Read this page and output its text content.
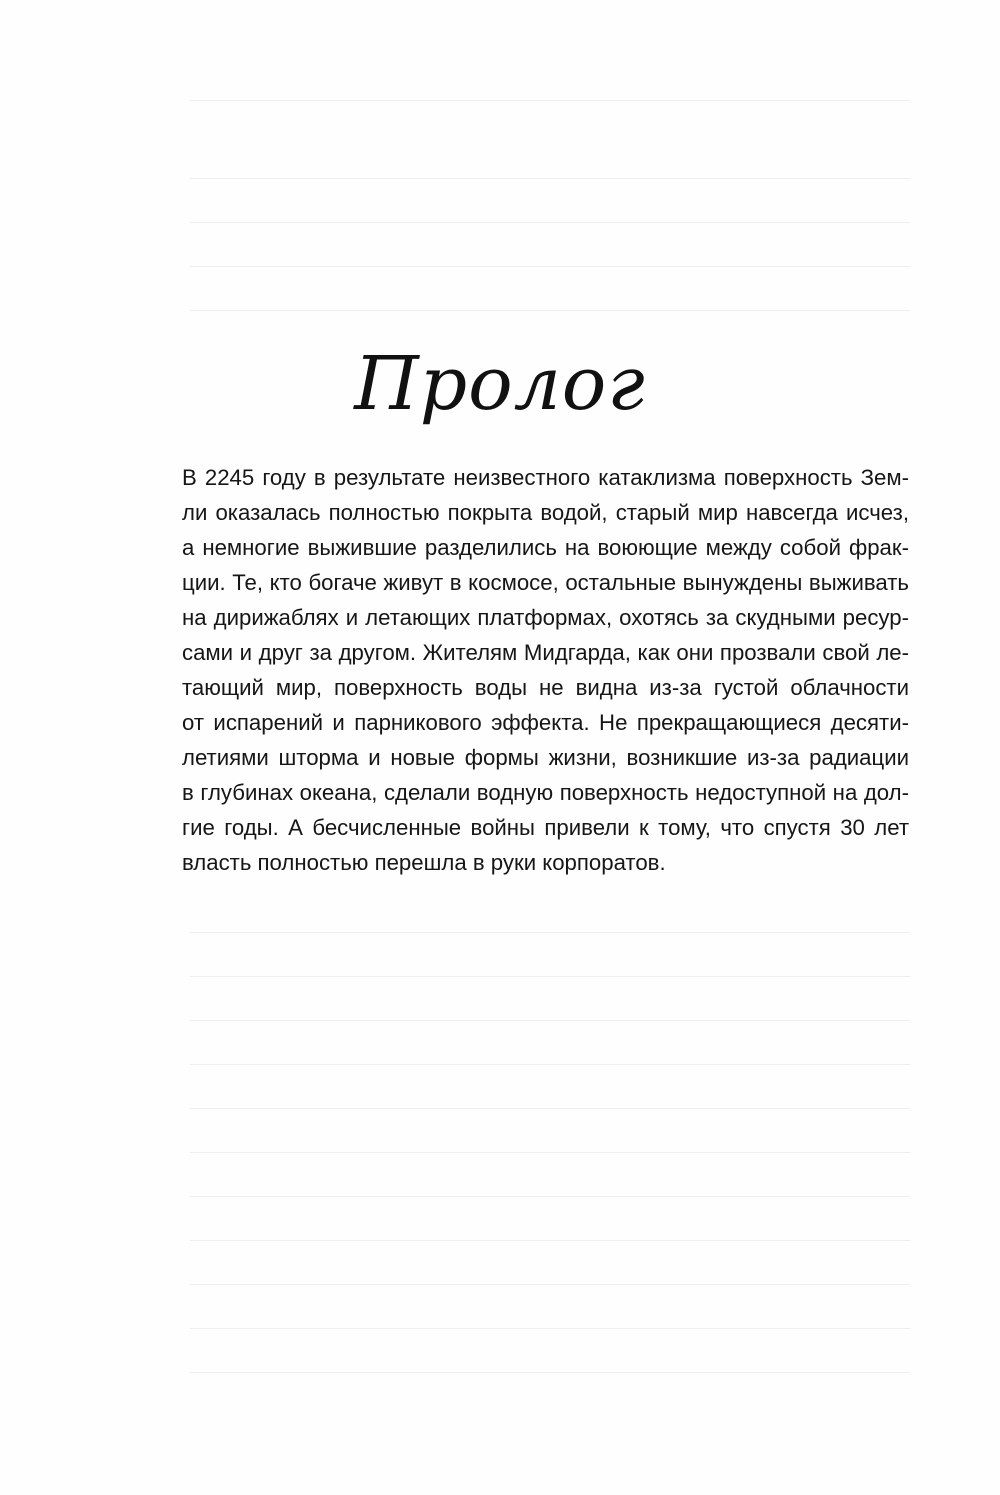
Пролог
В 2245 году в результате неизвестного катаклизма поверхность Зем-
ли оказалась полностью покрыта водой, старый мир навсегда исчез,
а немногие выжившие разделились на воюющие между собой фрак-
ции. Те, кто богаче живут в космосе, остальные вынуждены выживать
на дирижаблях и летающих платформах, охотясь за скудными ресур-
сами и друг за другом. Жителям Мидгарда, как они прозвали свой ле-
тающий мир, поверхность воды не видна из-за густой облачности
от испарений и парникового эффекта. Не прекращающиеся десяти-
летиями шторма и новые формы жизни, возникшие из-за радиации
в глубинах океана, сделали водную поверхность недоступной на дол-
гие годы. А бесчисленные войны привели к тому, что спустя 30 лет
власть полностью перешла в руки корпоратов.
